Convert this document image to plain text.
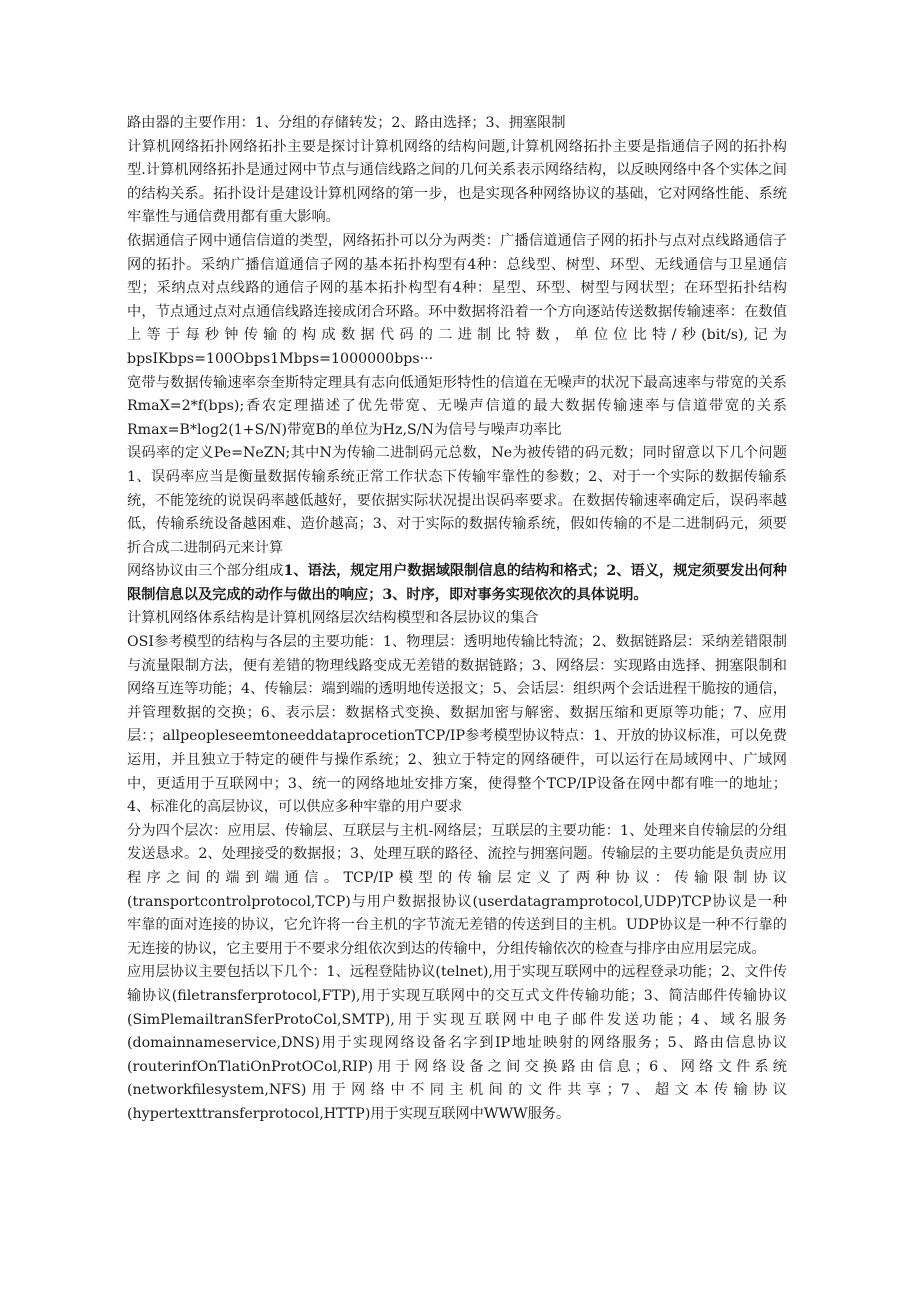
路由器的主要作用：1、分组的存储转发；2、路由选择；3、拥塞限制

计算机网络拓扑网络拓扑主要是探讨计算机网络的结构问题,计算机网络拓扑主要是指通信子网的拓扑构型.计算机网络拓扑是通过网中节点与通信线路之间的几何关系表示网络结构，以反映网络中各个实体之间的结构关系。拓扑设计是建设计算机网络的第一步，也是实现各种网络协议的基础，它对网络性能、系统牢靠性与通信费用都有重大影响。

依据通信子网中通信信道的类型，网络拓扑可以分为两类：广播信道通信子网的拓扑与点对点线路通信子网的拓扑。采纳广播信道通信子网的基本拓扑构型有4种：总线型、树型、环型、无线通信与卫星通信型；采纳点对点线路的通信子网的基本拓扑构型有4种：星型、环型、树型与网状型；在环型拓扑结构中，节点通过点对点通信线路连接成闭合环路。环中数据将沿着一个方向逐站传送数据传输速率：在数值上等于每秒钟传输的构成数据代码的二进制比特数，单位位比特/秒(bit/s),记为bpsIKbps=100Obps1Mbps=1000000bps···

宽带与数据传输速率奈奎斯特定理具有志向低通矩形特性的信道在无噪声的状况下最高速率与带宽的关系RmaX=2*f(bps);香农定理描述了优先带宽、无噪声信道的最大数据传输速率与信道带宽的关系Rmax=B*log2(1+S/N)带宽B的单位为Hz,S/N为信号与噪声功率比

误码率的定义Pe=NeZN;其中N为传输二进制码元总数，Ne为被传错的码元数；同时留意以下几个问题1、误码率应当是衡量数据传输系统正常工作状态下传输牢靠性的参数；2、对于一个实际的数据传输系统，不能笼统的说误码率越低越好，要依据实际状况提出误码率要求。在数据传输速率确定后，误码率越低，传输系统设备越困难、造价越高；3、对于实际的数据传输系统，假如传输的不是二进制码元，须要折合成二进制码元来计算

网络协议由三个部分组成1、语法，规定用户数据域限制信息的结构和格式；2、语义，规定须要发出何种限制信息以及完成的动作与做出的响应；3、时序，即对事务实现依次的具体说明。

计算机网络体系结构是计算机网络层次结构模型和各层协议的集合

OSI参考模型的结构与各层的主要功能：1、物理层：透明地传输比特流；2、数据链路层：采纳差错限制与流量限制方法，便有差错的物理线路变成无差错的数据链路；3、网络层：实现路由选择、拥塞限制和网络互连等功能；4、传输层：端到端的透明地传送报文；5、会话层：组织两个会话进程干脆按的通信，并管理数据的交换；6、表示层：数据格式变换、数据加密与解密、数据压缩和更原等功能；7、应用层：；allpeopleseemtoneeddataprocetionTCP/IP参考模型协议特点：1、开放的协议标准，可以免费运用，并且独立于特定的硬件与操作系统；2、独立于特定的网络硬件，可以运行在局域网中、广域网中，更适用于互联网中；3、统一的网络地址安排方案，使得整个TCP/IP设备在网中都有唯一的地址；4、标准化的高层协议，可以供应多种牢靠的用户要求

分为四个层次：应用层、传输层、互联层与主机-网络层；互联层的主要功能：1、处理来自传输层的分组发送恳求。2、处理接受的数据报；3、处理互联的路径、流控与拥塞问题。传输层的主要功能是负责应用程序之间的端到端通信。TCP/IP模型的传输层定义了两种协议：传输限制协议(transportcontrolprotocol,TCP)与用户数据报协议(userdatagramprotocol,UDP)TCP协议是一种牢靠的面对连接的协议，它允许将一台主机的字节流无差错的传送到目的主机。UDP协议是一种不行靠的无连接的协议，它主要用于不要求分组依次到达的传输中，分组传输依次的检查与排序由应用层完成。

应用层协议主要包括以下几个：1、远程登陆协议(telnet),用于实现互联网中的远程登录功能；2、文件传输协议(filetransferprotocol,FTP),用于实现互联网中的交互式文件传输功能；3、简洁邮件传输协议(SimPlemailtranSferProtoCol,SMTP),用于实现互联网中电子邮件发送功能；4、域名服务(domainnameservice,DNS)用于实现网络设备名字到IP地址映射的网络服务；5、路由信息协议(routerinfOnTlatiOnProtOCol,RIP)用于网络设备之间交换路由信息；6、网络文件系统(networkfilesystem,NFS)用于网络中不同主机间的文件共享；7、超文本传输协议(hypertexttransferprotocol,HTTP)用于实现互联网中WWW服务。
